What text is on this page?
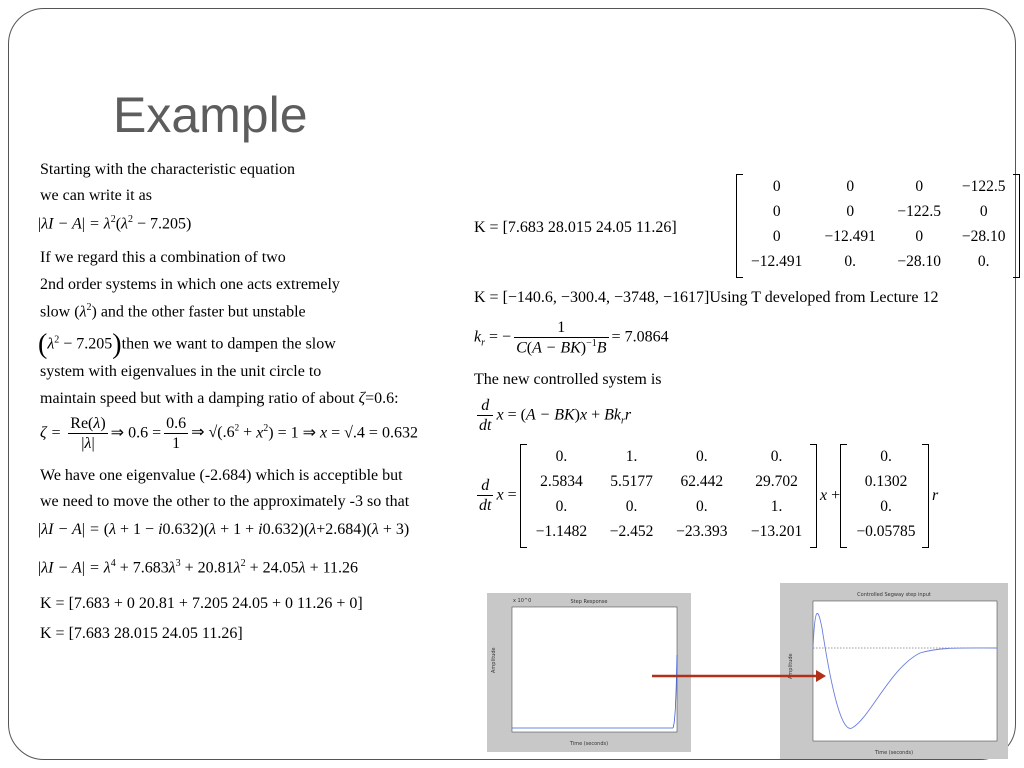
Example
Starting with the characteristic equation
we can write it as
$|\lambda I - A| = \lambda^2(\lambda^2 - 7.205)$
If we regard this a combination of two
2nd order systems in which one acts extremely
slow $(\lambda^2)$ and the other faster but unstable
($\lambda^2$ − 7.205)then we want to dampen the slow
system with eigenvalues in the unit circle to
maintain speed but with a damping ratio of about ζ=0.6:
$\zeta = \frac{Re(\lambda)}{|\lambda|}$ ⇒ $0.6 = \frac{0.6}{1}$ ⇒ $√(.6^2 + x^2) = 1$ ⇒ x = √.4 = 0.632
We have one eigenvalue (-2.684) which is acceptible but
we need to move the other to the approximately -3 so that
|λI − A| = (λ + 1 − i0.632)(λ + 1 + i0.632)(λ+2.684)(λ + 3)
$|\lambda I - A| = \lambda^4 + 7.683\lambda^3 + 20.81\lambda^2 + 24.05\lambda + 11.26$
K = [7.683 + 0 20.81 + 7.205 24.05 + 0 11.26 + 0]
K = [7.683 28.015 24.05 11.26]
K = [7.683 28.015 24.05 11.26]
0	0	0	−122.5
0	0	−122.5	0
0	−12.491	0	−28.10
−12.491	0.	−28.10	0.
K = [−140.6, −300.4, −3748, −1617]Using T developed from Lecture 12
$k_r$ = − $\frac{1}{C(A - BK)^{-1}B} = 7.0864$
The new controlled system is
$\frac{d}{dt}$ $x = (A - BK)x + Bk_rr$
$\frac{d}{dt}$ x =
0.	1.	0.	0.
2.5834	5.5177	62.442	29.702
0.	0.	0.	1.
−1.1482	−2.452	−23.393	−13.201
x +
0.
0.1302
0.
−0.05785
r
Step Response
x 10^0
Time (seconds)
Amplitude
Controlled Segway step input
Time (seconds)
Amplitude
